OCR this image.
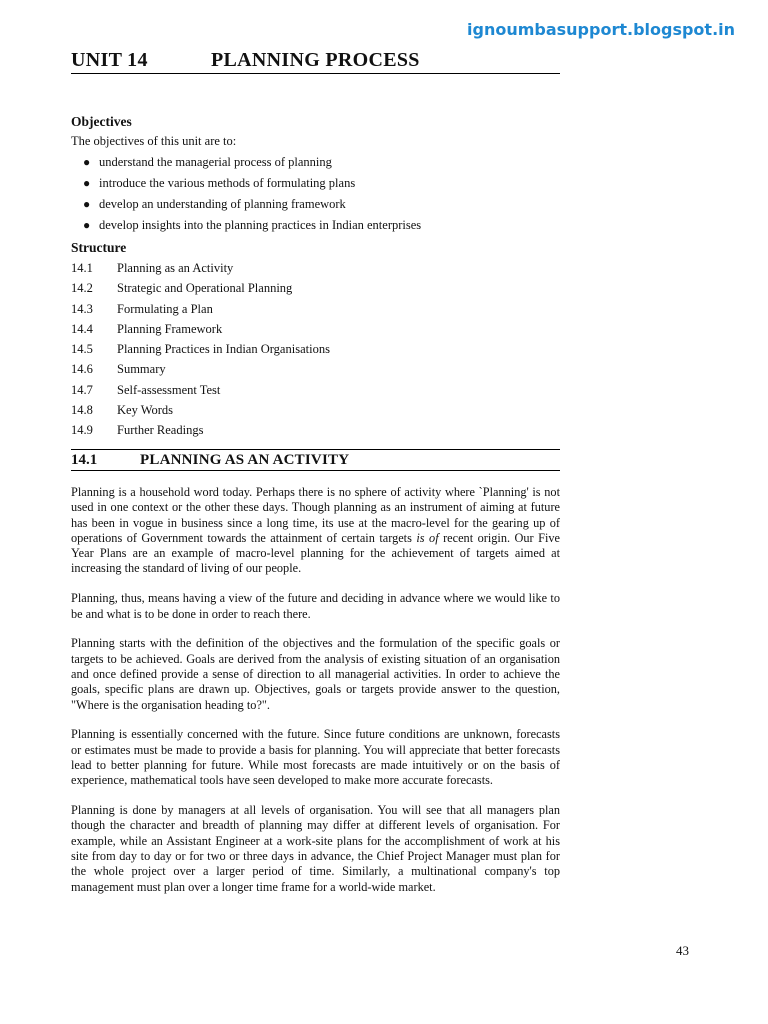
ignoumbasupport.blogspot.in
UNIT 14	PLANNING PROCESS
Objectives
The objectives of this unit are to:
● understand the managerial process of planning
● introduce the various methods of formulating plans
● develop an understanding of planning framework
● develop insights into the planning practices in Indian enterprises
Structure
14.1 Planning as an Activity
14.2 Strategic and Operational Planning
14.3 Formulating a Plan
14.4 Planning Framework
14.5 Planning Practices in Indian Organisations
14.6 Summary
14.7 Self-assessment Test
14.8 Key Words
14.9 Further Readings
14.1	PLANNING AS AN ACTIVITY

Planning is a household word today. Perhaps there is no sphere of activity where `Planning' is not used in one context or the other these days. Though planning as an instrument of aiming at future has been in vogue in business since a long time, its use at the macro-level for the gearing up of operations of Government towards the attainment of certain targets is of recent origin. Our Five Year Plans are an example of macro-level planning for the achievement of targets aimed at increasing the standard of living of our people.

Planning, thus, means having a view of the future and deciding in advance where we would like to be and what is to be done in order to reach there.

Planning starts with the definition of the objectives and the formulation of the specific goals or targets to be achieved. Goals are derived from the analysis of existing situation of an organisation and once defined provide a sense of direction to all managerial activities. In order to achieve the goals, specific plans are drawn up. Objectives, goals or targets provide answer to the question, "Where is the organisation heading to?".

Planning is essentially concerned with the future. Since future conditions are unknown, forecasts or estimates must be made to provide a basis for planning. You will appreciate that better forecasts lead to better planning for future. While most forecasts are made intuitively or on the basis of experience, mathematical tools have seen developed to make more accurate forecasts.

Planning is done by managers at all levels of organisation. You will see that all managers plan though the character and breadth of planning may differ at different levels of organisation. For example, while an Assistant Engineer at a work-site plans for the accomplishment of work at his site from day to day or for two or three days in advance, the Chief Project Manager must plan for the whole project over a larger period of time. Similarly, a multinational company's top management must plan over a longer time frame for a world-wide market.

43
